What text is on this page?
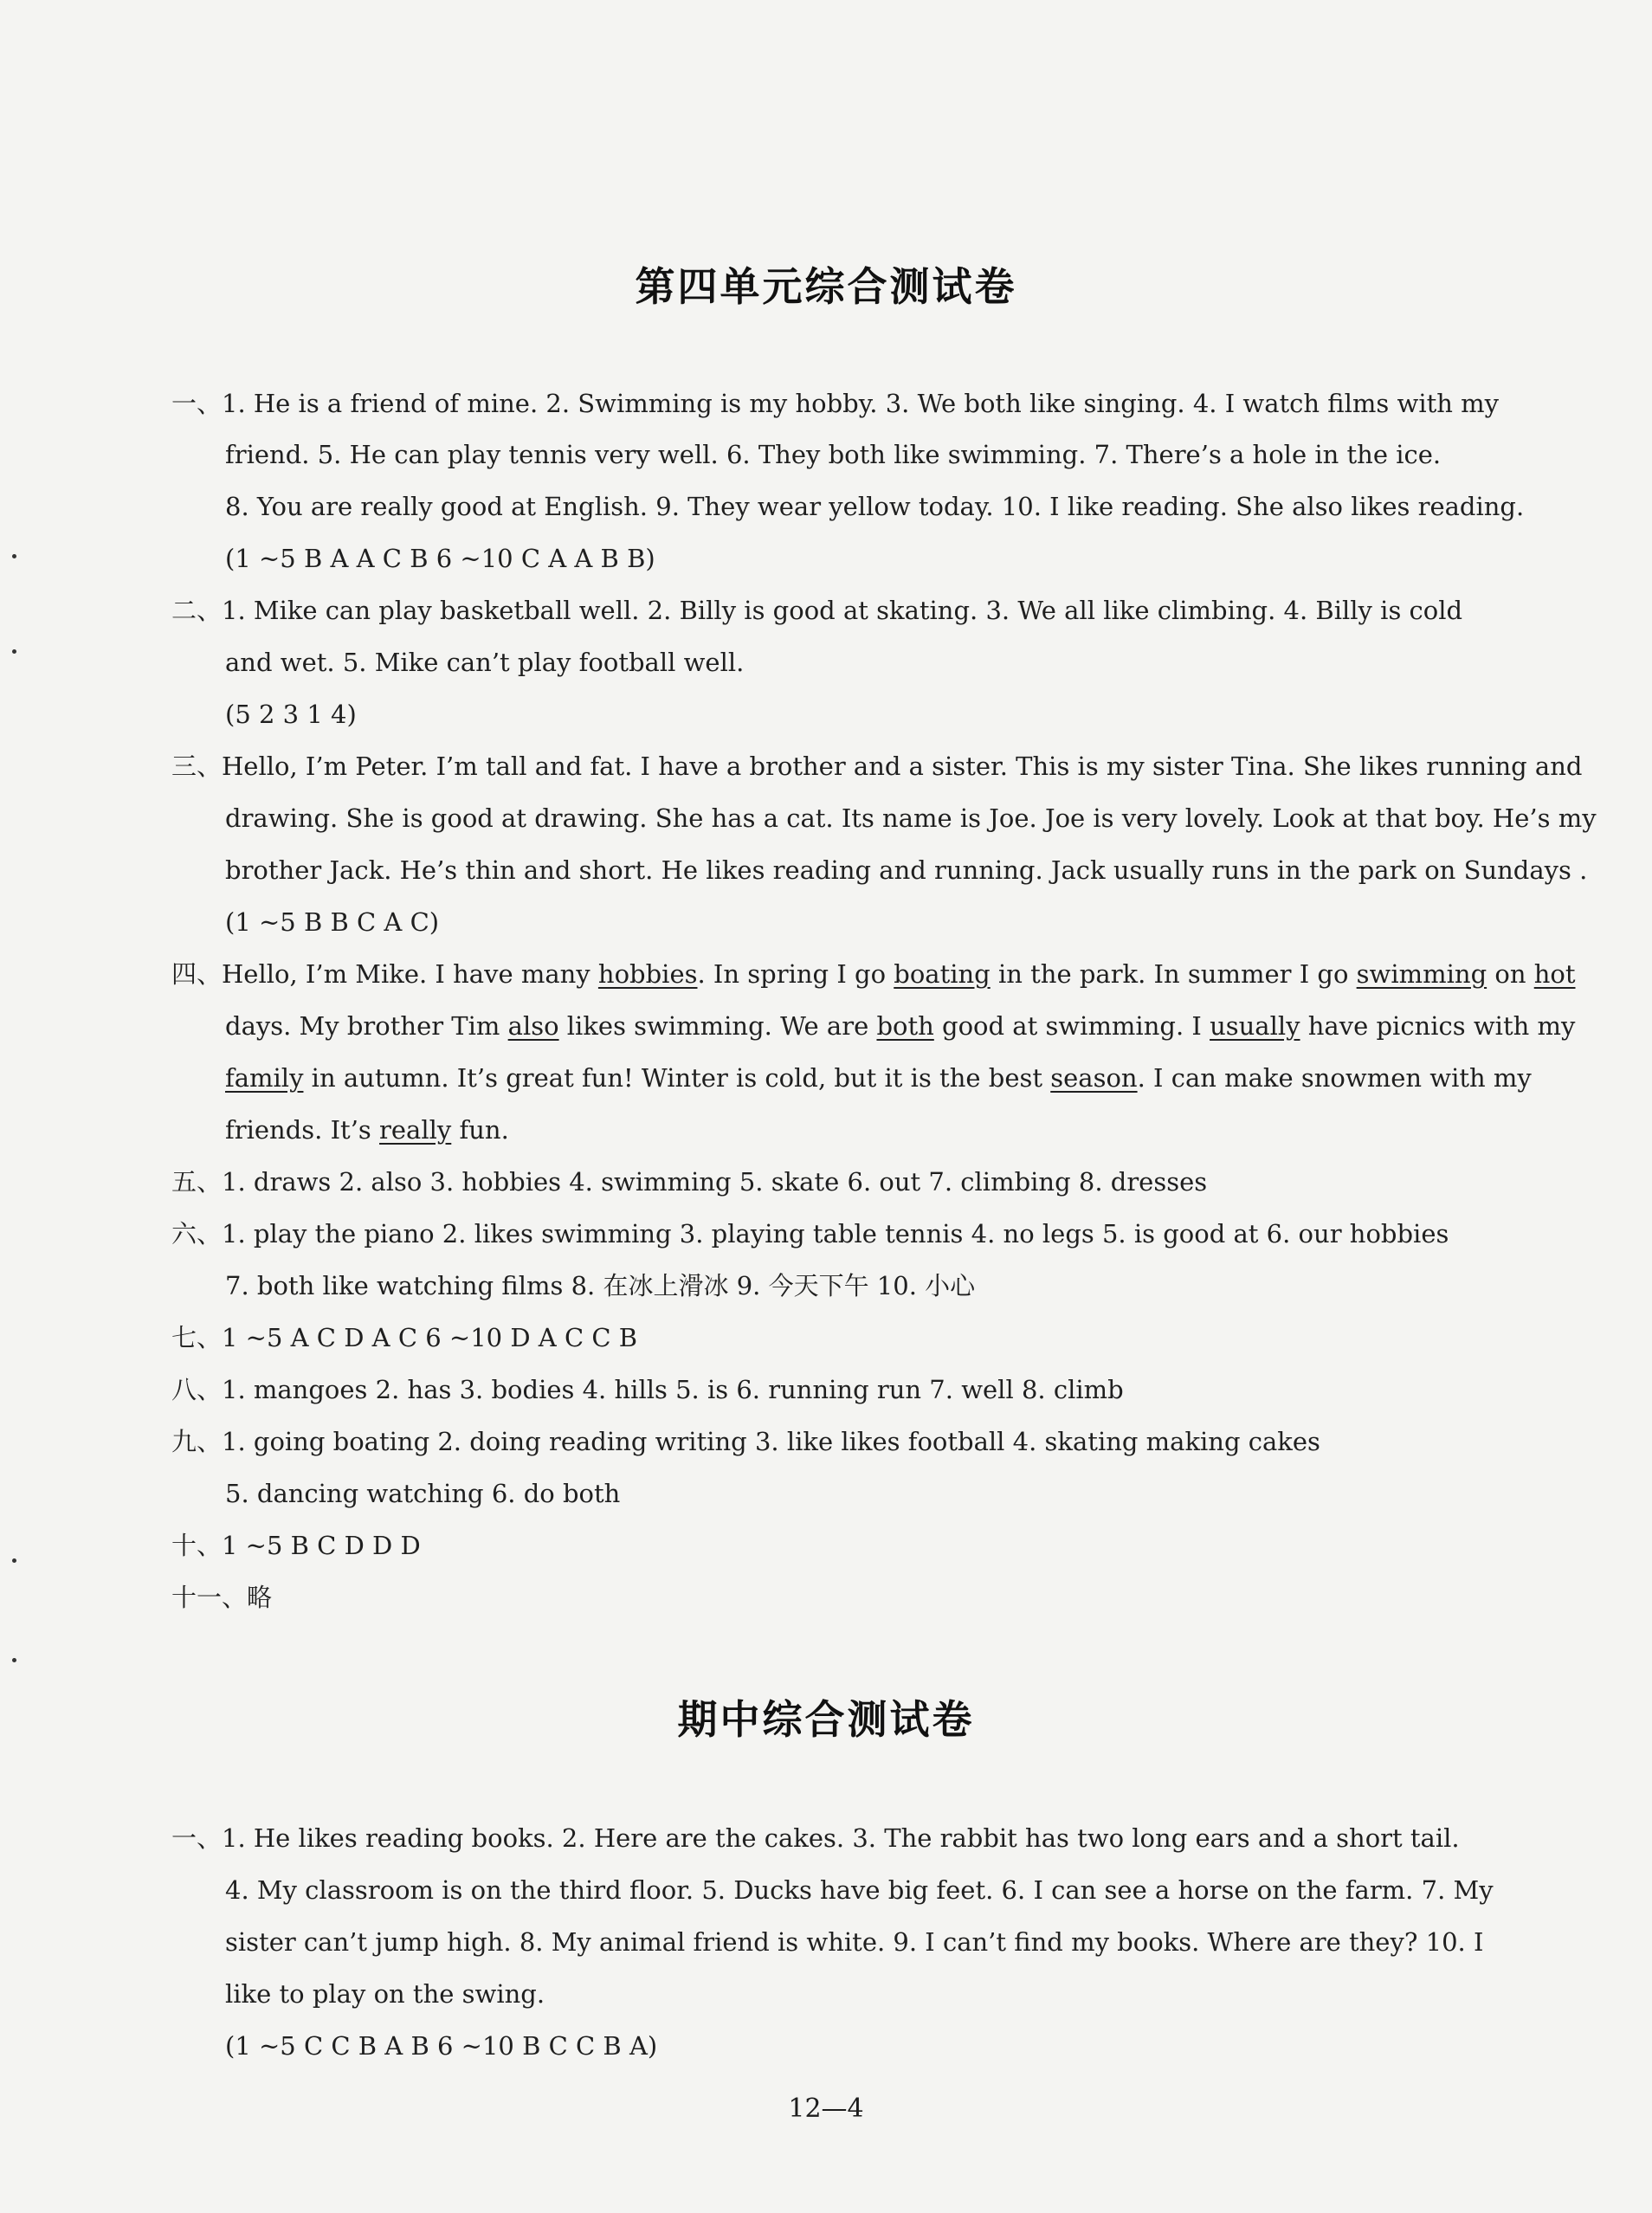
第四单元综合测试卷
一、1. He is a friend of mine. 2. Swimming is my hobby. 3. We both like singing. 4. I watch films with my
friend. 5. He can play tennis very well. 6. They both like swimming. 7. There’s a hole in the ice.
8. You are really good at English. 9. They wear yellow today. 10. I like reading. She also likes reading.
(1 ~5 B A A C B 6 ~10 C A A B B)
二、1. Mike can play basketball well. 2. Billy is good at skating. 3. We all like climbing. 4. Billy is cold
and wet. 5. Mike can’t play football well.
(5 2 3 1 4)
三、Hello, I’m Peter. I’m tall and fat. I have a brother and a sister. This is my sister Tina. She likes running and
drawing. She is good at drawing. She has a cat. Its name is Joe. Joe is very lovely. Look at that boy. He’s my
brother Jack. He’s thin and short. He likes reading and running. Jack usually runs in the park on Sundays .
(1 ~5 B B C A C)
四、Hello, I’m Mike. I have many hobbies. In spring I go boating in the park. In summer I go swimming on hot
days. My brother Tim also likes swimming. We are both good at swimming. I usually have picnics with my
family in autumn. It’s great fun! Winter is cold, but it is the best season. I can make snowmen with my
friends. It’s really fun.
五、1. draws 2. also 3. hobbies 4. swimming 5. skate 6. out 7. climbing 8. dresses
六、1. play the piano 2. likes swimming 3. playing table tennis 4. no legs 5. is good at 6. our hobbies
7. both like watching films 8. 在冰上滑冰 9. 今天下午 10. 小心
七、1 ~5 A C D A C 6 ~10 D A C C B
八、1. mangoes 2. has 3. bodies 4. hills 5. is 6. running run 7. well 8. climb
九、1. going boating 2. doing reading writing 3. like likes football 4. skating making cakes
5. dancing watching 6. do both
十、1 ~5 B C D D D
十一、略
期中综合测试卷
一、1. He likes reading books. 2. Here are the cakes. 3. The rabbit has two long ears and a short tail.
4. My classroom is on the third floor. 5. Ducks have big feet. 6. I can see a horse on the farm. 7. My
sister can’t jump high. 8. My animal friend is white. 9. I can’t find my books. Where are they? 10. I
like to play on the swing.
(1 ~5 C C B A B 6 ~10 B C C B A)
12—4
